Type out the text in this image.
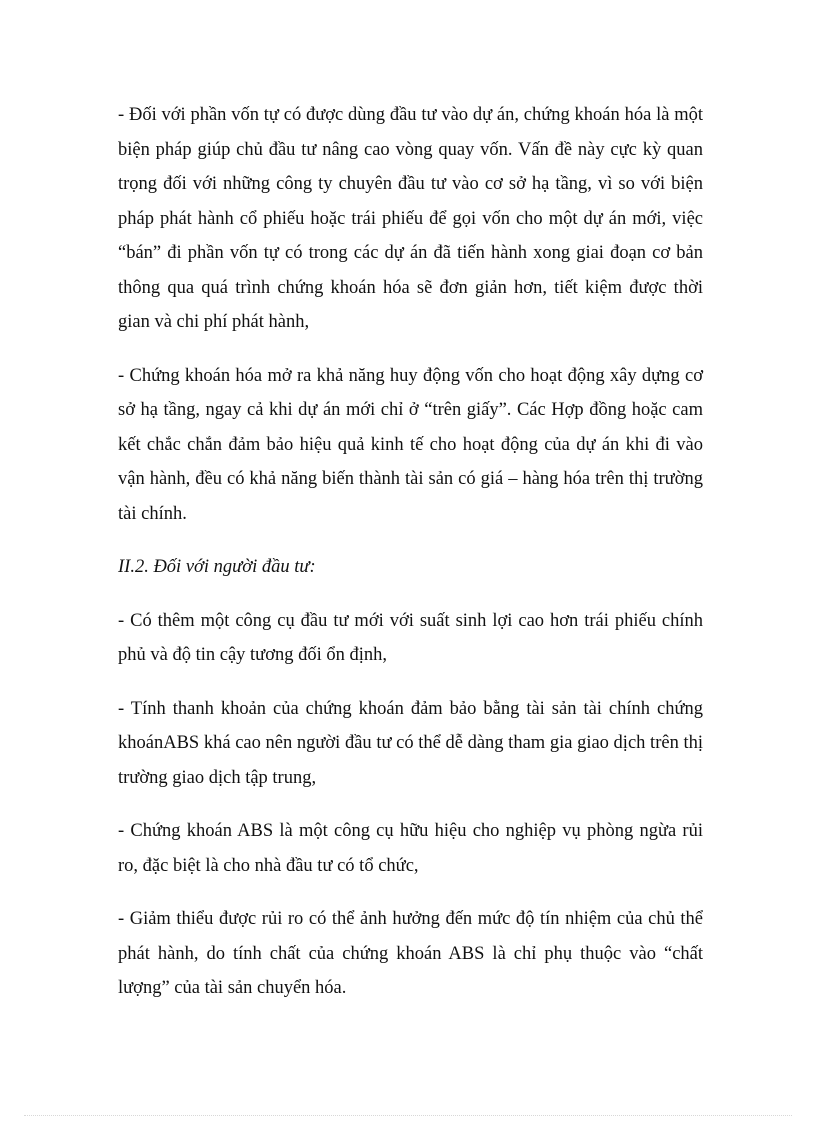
- Đối với phần vốn tự có được dùng đầu tư vào dự án, chứng khoán hóa là một biện pháp giúp chủ đầu tư nâng cao vòng quay vốn. Vấn đề này cực kỳ quan trọng đối với những công ty chuyên đầu tư vào cơ sở hạ tầng, vì so với biện pháp phát hành cổ phiếu hoặc trái phiếu để gọi vốn cho một dự án mới, việc “bán” đi phần vốn tự có trong các dự án đã tiến hành xong giai đoạn cơ bản thông qua quá trình chứng khoán hóa sẽ đơn giản hơn, tiết kiệm được thời gian và chi phí phát hành,

- Chứng khoán hóa mở ra khả năng huy động vốn cho hoạt động xây dựng cơ sở hạ tầng, ngay cả khi dự án mới chỉ ở “trên giấy”. Các Hợp đồng hoặc cam kết chắc chắn đảm bảo hiệu quả kinh tế cho hoạt động của dự án khi đi vào vận hành, đều có khả năng biến thành tài sản có giá – hàng hóa trên thị trường tài chính.

II.2. Đối với người đầu tư:

- Có thêm một công cụ đầu tư mới với suất sinh lợi cao hơn trái phiếu chính phủ và độ tin cậy tương đối ổn định,

- Tính thanh khoản của chứng khoán đảm bảo bằng tài sản tài chính chứng khoánABS khá cao nên người đầu tư có thể dễ dàng tham gia giao dịch trên thị trường giao dịch tập trung,

- Chứng khoán ABS là một công cụ hữu hiệu cho nghiệp vụ phòng ngừa rủi ro, đặc biệt là cho nhà đầu tư có tổ chức,

- Giảm thiểu được rủi ro có thể ảnh hưởng đến mức độ tín nhiệm của chủ thể phát hành, do tính chất của chứng khoán ABS là chỉ phụ thuộc vào “chất lượng” của tài sản chuyển hóa.
